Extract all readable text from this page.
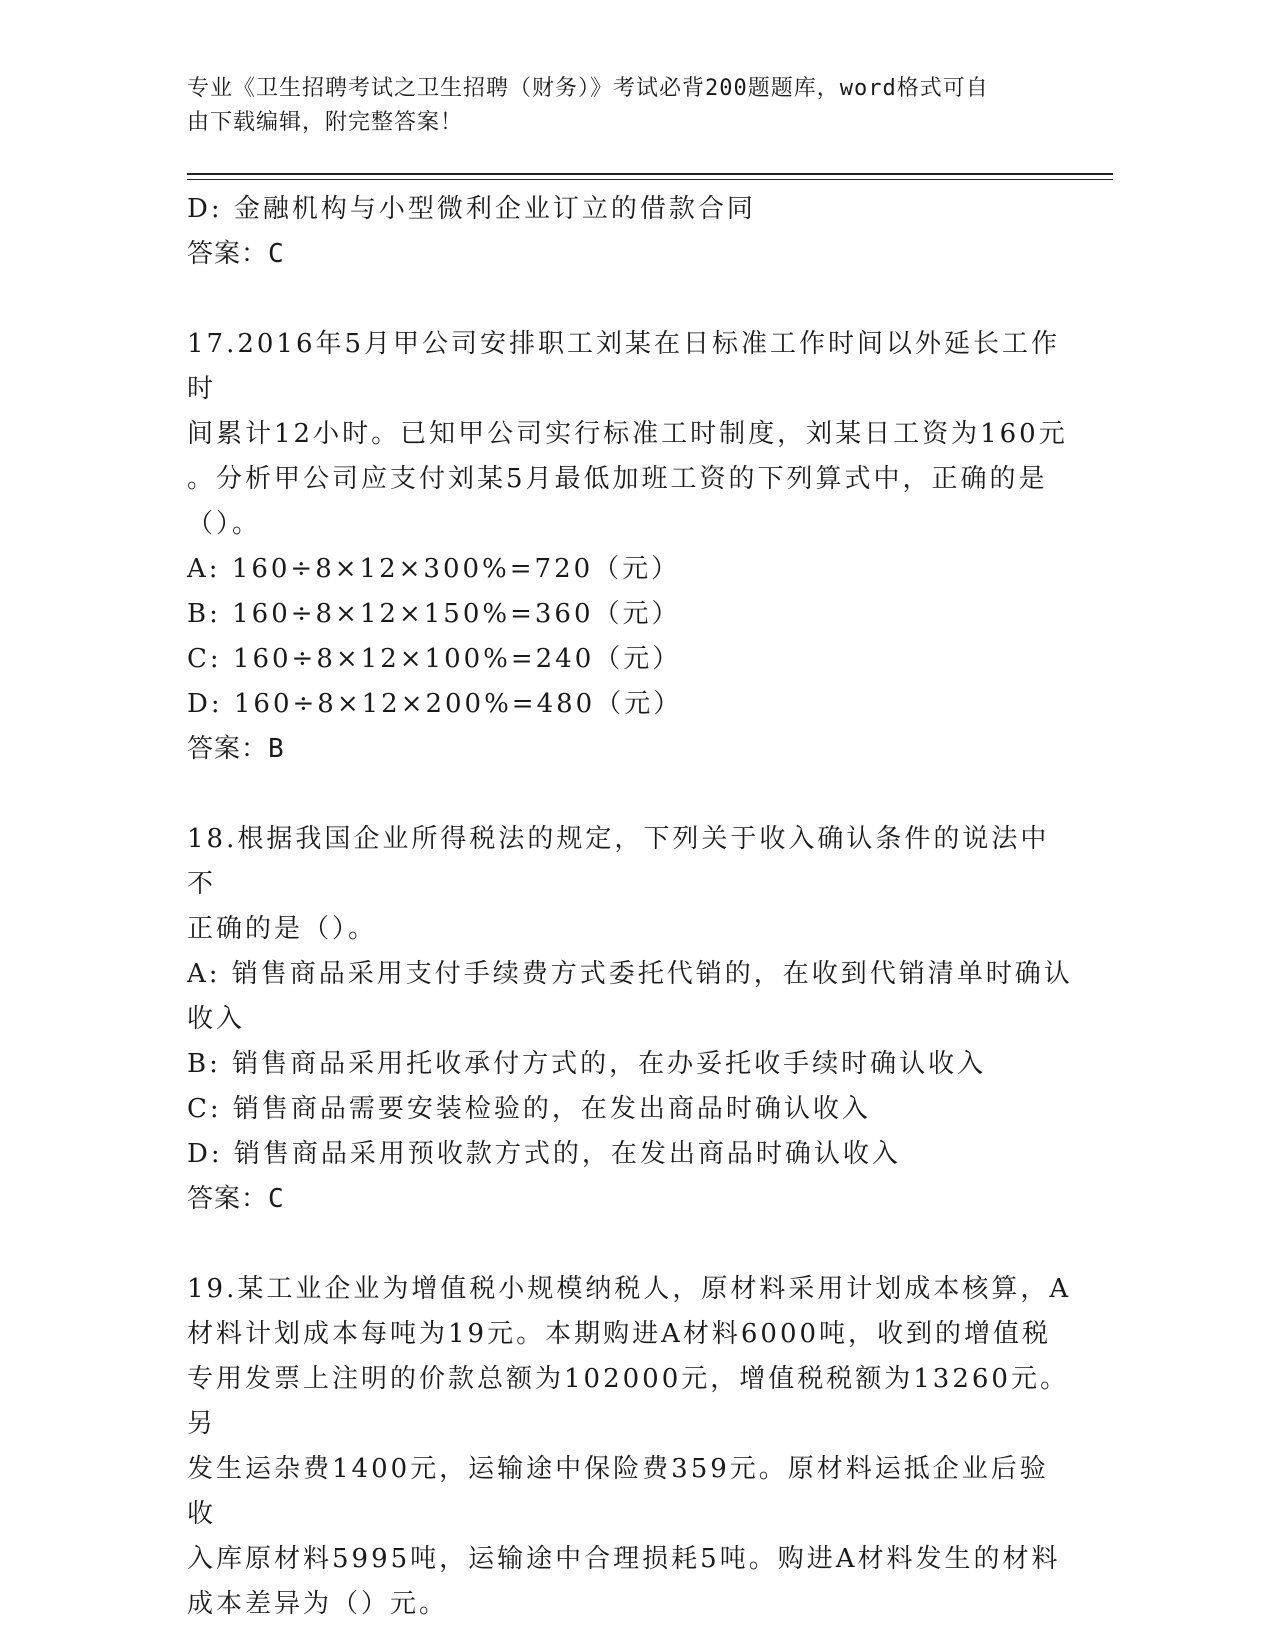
专业《卫生招聘考试之卫生招聘（财务）》考试必背200题题库，word格式可自
由下载编辑，附完整答案！

D: 金融机构与小型微利企业订立的借款合同

答案：C

17.2016年5月甲公司安排职工刘某在日标准工作时间以外延长工作时

间累计12小时。已知甲公司实行标准工时制度，刘某日工资为160元

。分析甲公司应支付刘某5月最低加班工资的下列算式中，正确的是

（）。

A: 160÷8×12×300%=720（元）

B: 160÷8×12×150%=360（元）

C: 160÷8×12×100%=240（元）

D: 160÷8×12×200%=480（元）

答案：B

18.根据我国企业所得税法的规定，下列关于收入确认条件的说法中不

正确的是（）。

A: 销售商品采用支付手续费方式委托代销的，在收到代销清单时确认

收入

B: 销售商品采用托收承付方式的，在办妥托收手续时确认收入

C: 销售商品需要安装检验的，在发出商品时确认收入

D: 销售商品采用预收款方式的，在发出商品时确认收入

答案：C

19.某工业企业为增值税小规模纳税人，原材料采用计划成本核算，A

材料计划成本每吨为19元。本期购进A材料6000吨，收到的增值税

专用发票上注明的价款总额为102000元，增值税税额为13260元。另

发生运杂费1400元，运输途中保险费359元。原材料运抵企业后验收

入库原材料5995吨，运输途中合理损耗5吨。购进A材料发生的材料

成本差异为（）元。
